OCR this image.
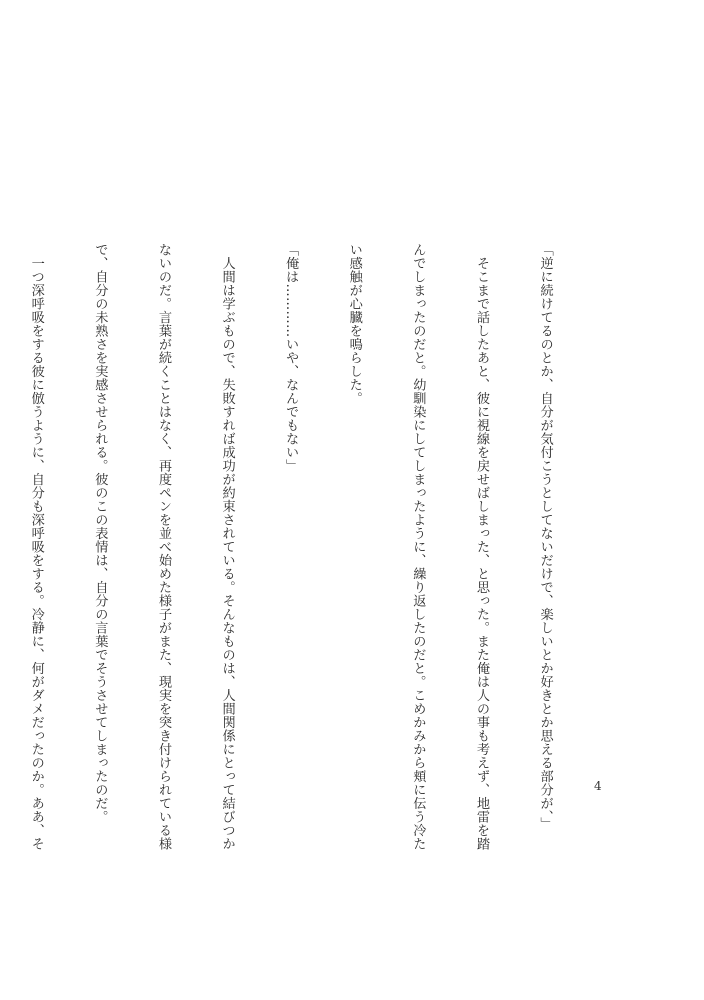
「逆に続けてるのとか、自分が気付こうとしてないだけで、楽しいとか好きとか思える部分が、」

　そこまで話したあと、彼に視線を戻せばしまった、と思った。また俺は人の事も考えず、地雷を踏

んでしまったのだと。幼馴染にしてしまったように、繰り返したのだと。こめかみから頬に伝う冷た

い感触が心臓を鳴らした。

「俺は…………いや、なんでもない」

　人間は学ぶもので、失敗すれば成功が約束されている。そんなものは、人間関係にとって結びつか

ないのだ。言葉が続くことはなく、再度ペンを並べ始めた様子がまた、現実を突き付けられている様

で、自分の未熟さを実感させられる。彼のこの表情は、自分の言葉でそうさせてしまったのだ。

　一つ深呼吸をする彼に倣うように、自分も深呼吸をする。冷静に、何がダメだったのか。ああ、そ

	4
